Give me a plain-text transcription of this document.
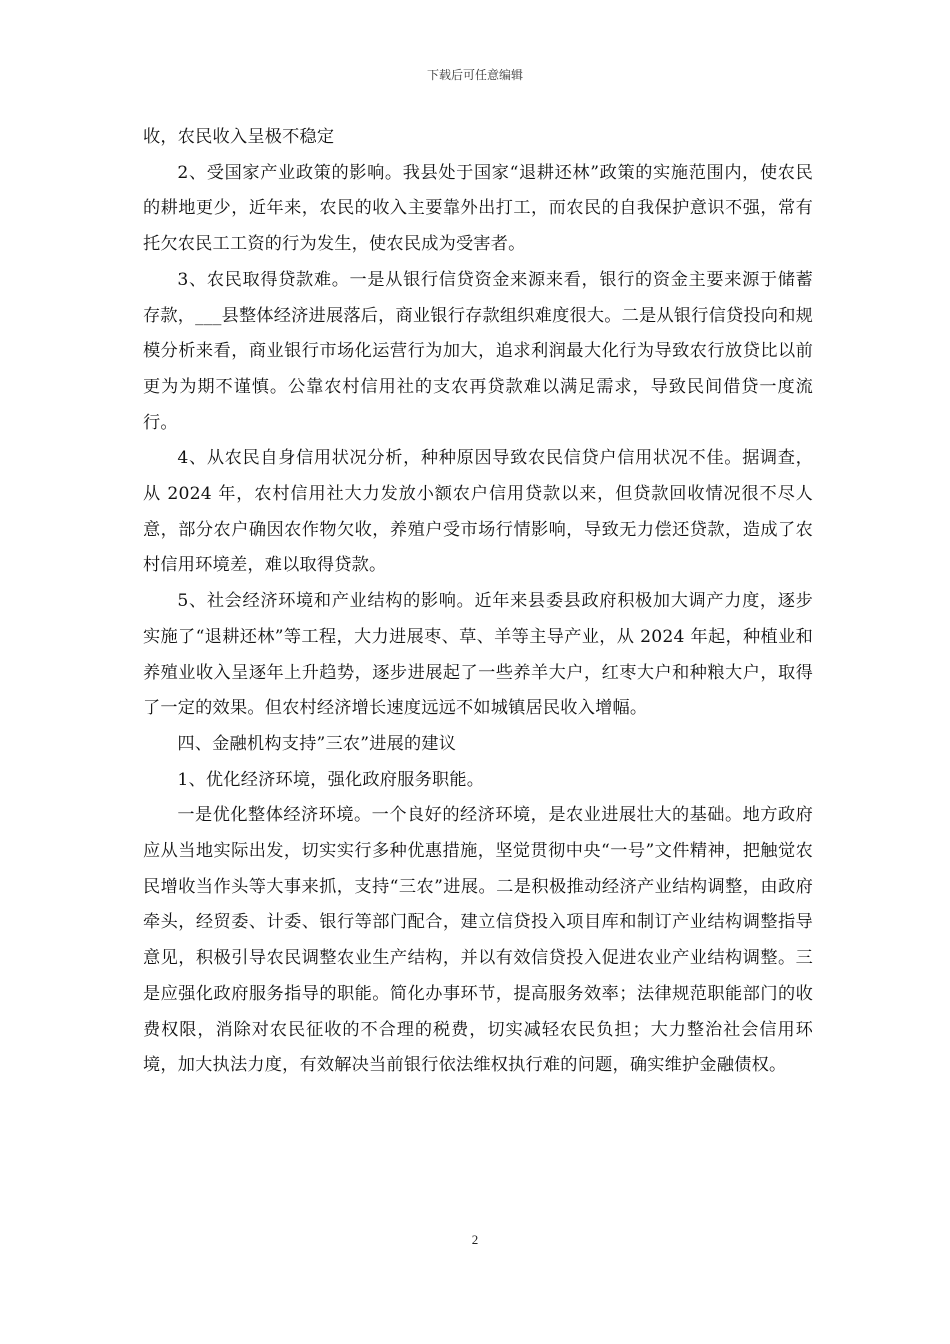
下载后可任意编辑

收，农民收入呈极不稳定

2、受国家产业政策的影响。我县处于国家“退耕还林”政策的实施范围内，使农民的耕地更少，近年来，农民的收入主要靠外出打工，而农民的自我保护意识不强，常有托欠农民工工资的行为发生，使农民成为受害者。

3、农民取得贷款难。一是从银行信贷资金来源来看，银行的资金主要来源于储蓄存款，___县整体经济进展落后，商业银行存款组织难度很大。二是从银行信贷投向和规模分析来看，商业银行市场化运营行为加大，追求利润最大化行为导致农行放贷比以前更为为期不谨慎。公靠农村信用社的支农再贷款难以满足需求，导致民间借贷一度流行。

4、从农民自身信用状况分析，种种原因导致农民信贷户信用状况不佳。据调查，从 2024 年，农村信用社大力发放小额农户信用贷款以来，但贷款回收情况很不尽人意，部分农户确因农作物欠收，养殖户受市场行情影响，导致无力偿还贷款，造成了农村信用环境差，难以取得贷款。

5、社会经济环境和产业结构的影响。近年来县委县政府积极加大调产力度，逐步实施了“退耕还林”等工程，大力进展枣、草、羊等主导产业，从 2024 年起，种植业和养殖业收入呈逐年上升趋势，逐步进展起了一些养羊大户，红枣大户和种粮大户，取得了一定的效果。但农村经济增长速度远远不如城镇居民收入增幅。

四、金融机构支持”三农”进展的建议

1、优化经济环境，强化政府服务职能。

一是优化整体经济环境。一个良好的经济环境，是农业进展壮大的基础。地方政府应从当地实际出发，切实实行多种优惠措施，坚觉贯彻中央“一号”文件精神，把触觉农民增收当作头等大事来抓，支持“三农”进展。二是积极推动经济产业结构调整，由政府牵头，经贸委、计委、银行等部门配合，建立信贷投入项目库和制订产业结构调整指导意见，积极引导农民调整农业生产结构，并以有效信贷投入促进农业产业结构调整。三是应强化政府服务指导的职能。简化办事环节，提高服务效率；法律规范职能部门的收费权限，消除对农民征收的不合理的税费，切实减轻农民负担；大力整治社会信用环境，加大执法力度，有效解决当前银行依法维权执行难的问题，确实维护金融债权。

2
